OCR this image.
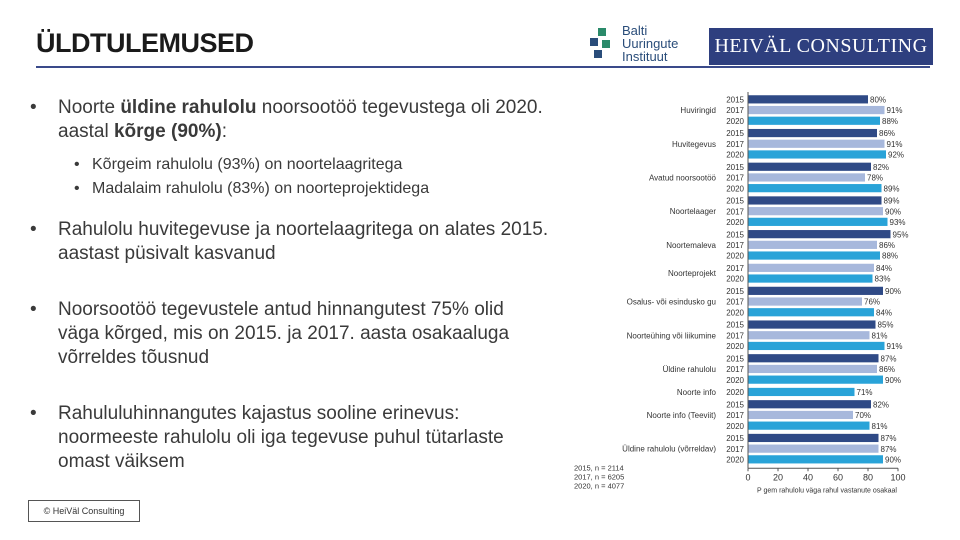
ÜLDTULEMUSED	Balti
Uuringute
Instituut	HEIVÄL CONSULTING
• Noorte üldine rahulolu noorsootöö tegevustega oli 2020. aastal kõrge (90%):
• Kõrgeim rahulolu (93%) on noortelaagritega
• Madalaim rahulolu (83%) on noorteprojektidega
• Rahulolu huvitegevuse ja noortelaagritega on alates 2015. aastast püsivalt kasvanud
• Noorsootöö tegevustele antud hinnangutest 75% olid väga kõrged, mis on 2015. ja 2017. aasta osakaaluga võrreldes tõusnud
• Rahululuhinnangutes kajastus sooline erinevus: noormeeste rahulolu oli iga tegevuse puhul tütarlaste omast väiksem
© HeiVäl Consulting
2015	80%
2017	91%
2020	88%
Huviringid
2015	86%
2017	91%
2020	92%
Huvitegevus
2015	82%
2017	78%
2020	89%
Avatud noorsootöö
2015	89%
2017	90%
2020	93%
Noortelaager
2015	95%
2017	86%
2020	88%
Noortemaleva
2017	84%
2020	83%
Noorteprojekt
2015	90%
2017	76%
2020	84%
Osalus- või esindusko gu
2015	85%
2017	81%
2020	91%
Noorteühing või liikumine
2015	87%
2017	86%
2020	90%
Üldine rahulolu
2020	71%
Noorte info
2015	82%
2017	70%
2020	81%
Noorte info (Teeviit)
2015	87%
2017	87%
2020	90%
Üldine rahulolu (võrreldav)
0 20 40 60 80 100
P gem rahulolu väga rahul vastanute osakaal
2015, n = 2114
2017, n = 6205
2020, n = 4077
